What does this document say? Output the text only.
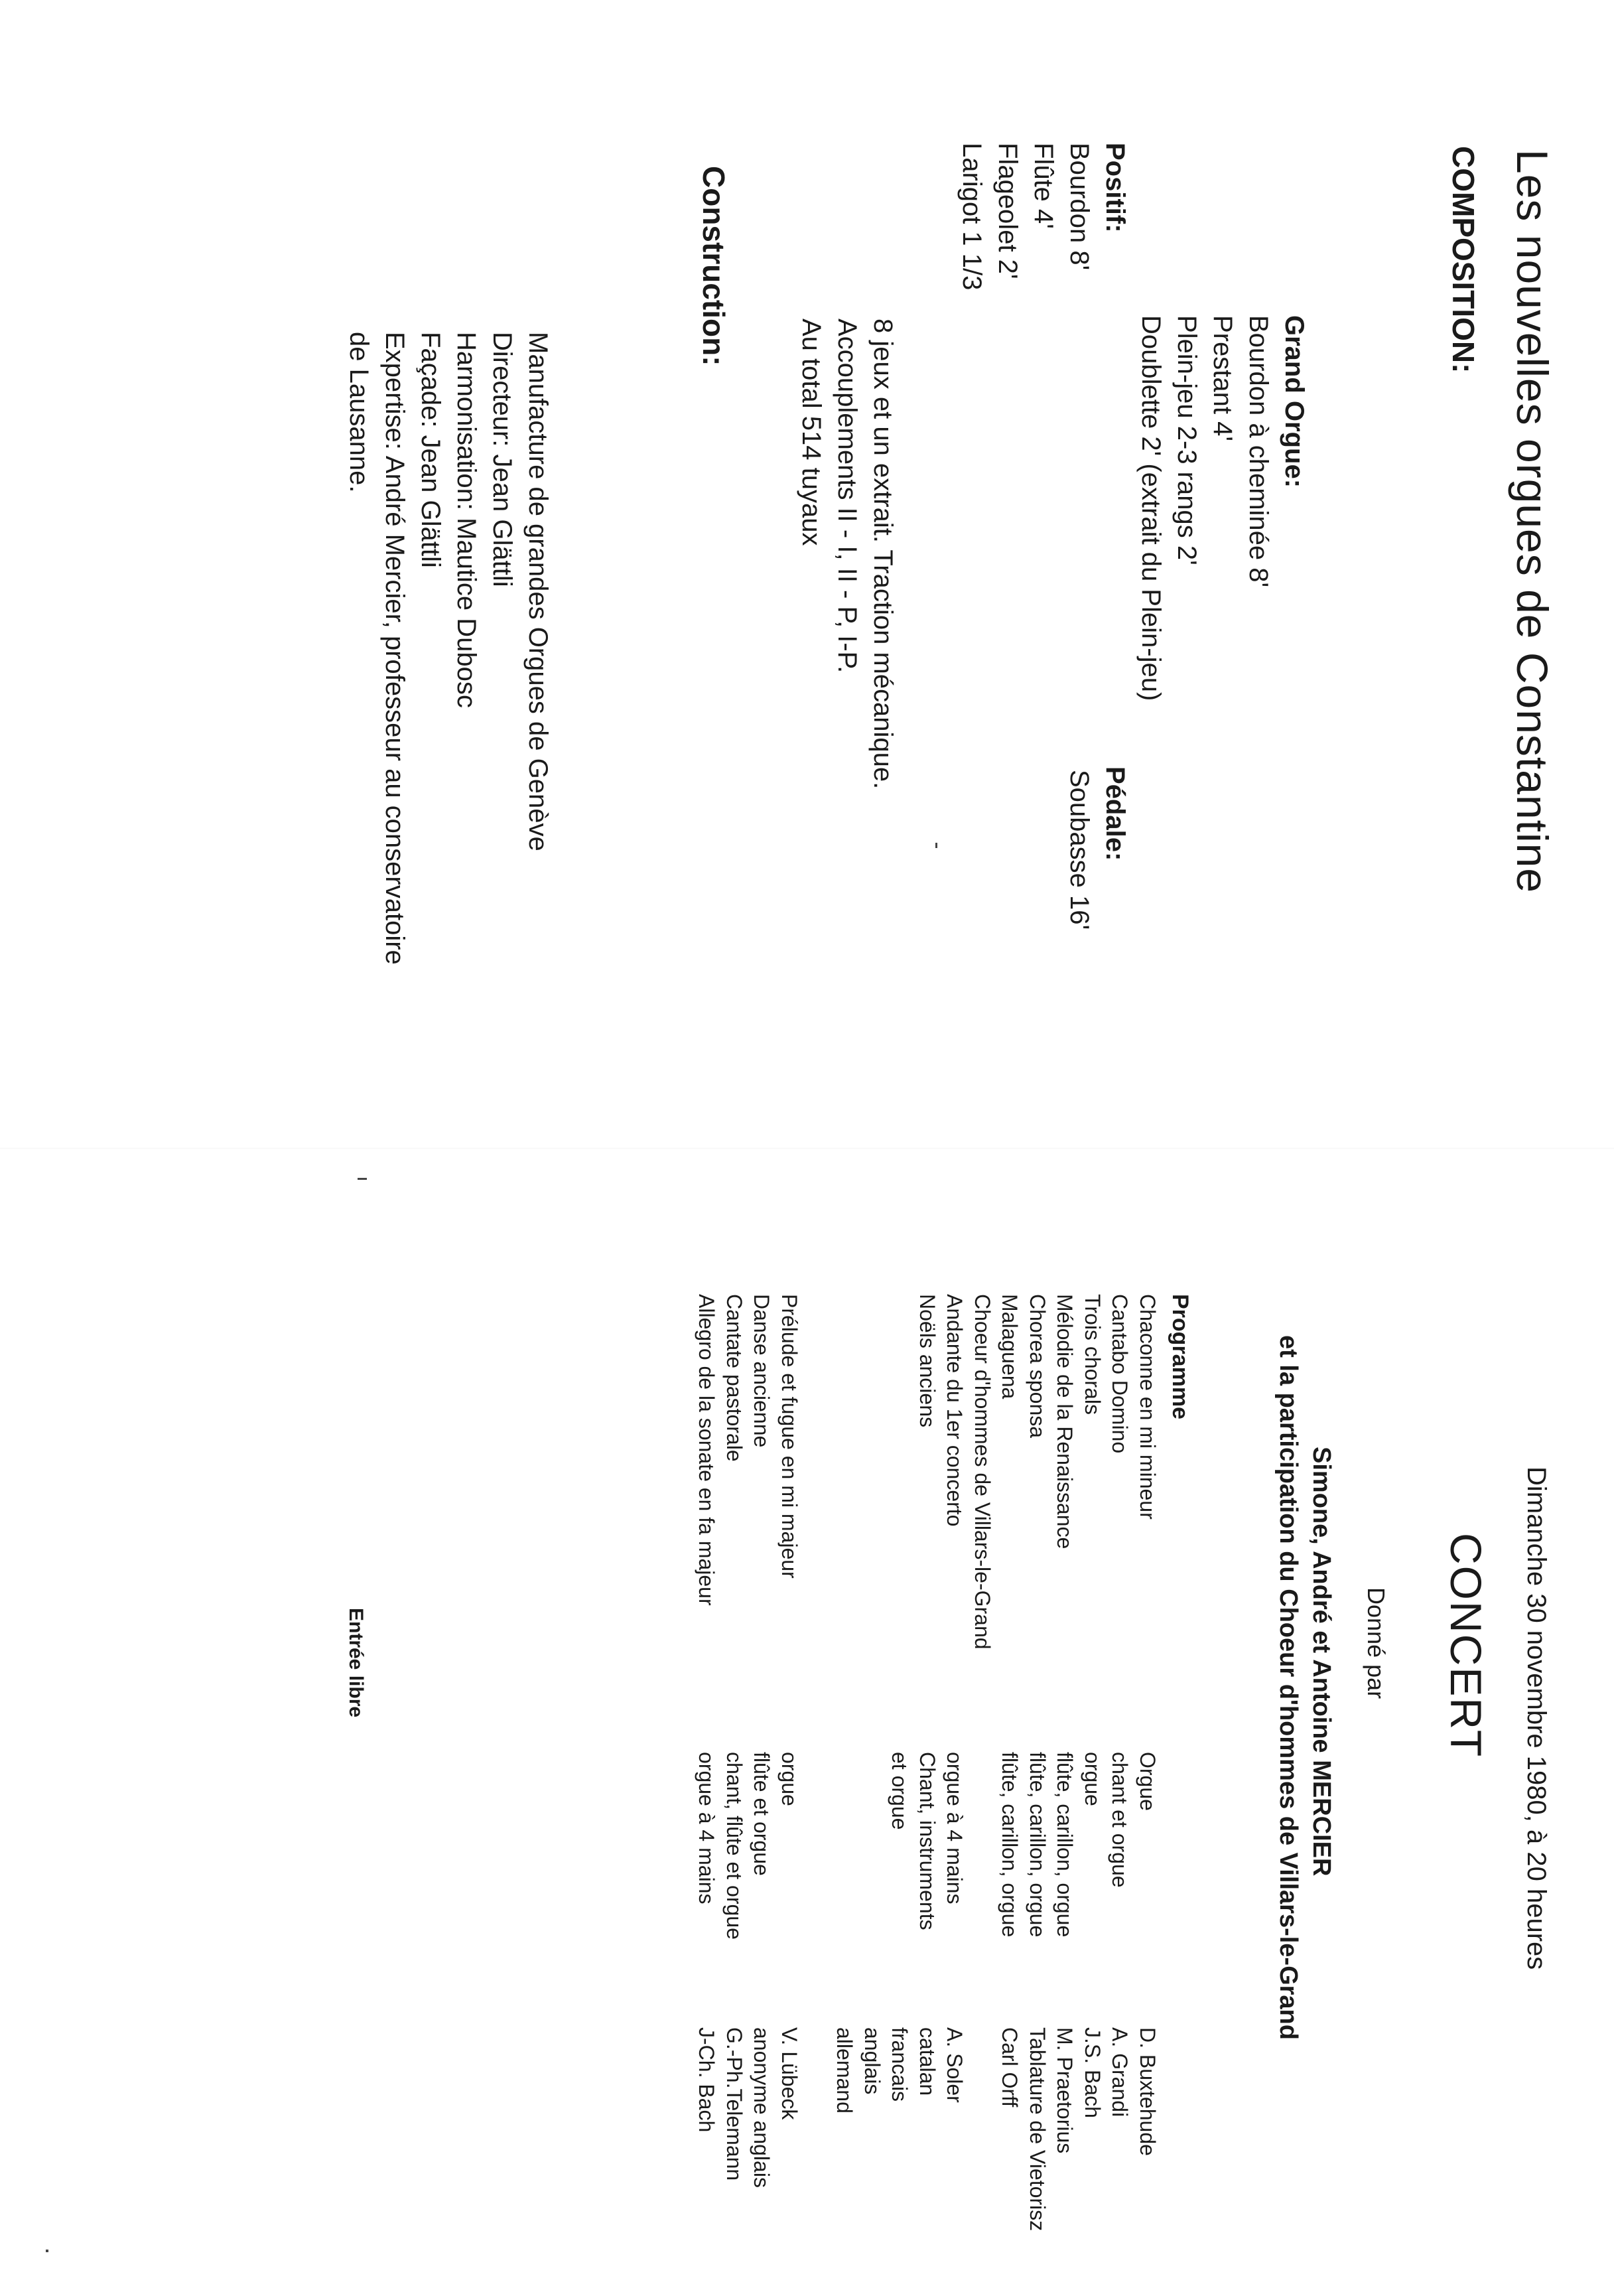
Les nouvelles orgues de Constantine
COMPOSITION:
Grand Orgue:
Bourdon à cheminée 8'
Prestant 4'
Plein-jeu 2-3 rangs 2'
Doublette 2' (extrait du Plein-jeu)
Positif:
Bourdon 8'
Flûte 4'
Flageolet 2'
Larigot 1 1/3
Pédale:
Soubasse 16'
8 jeux et un extrait. Traction mécanique.
Accouplements II - I, II - P, I-P.
Au total 514 tuyaux
Construction:
Manufacture de grandes Orgues de Genève
Directeur: Jean Glättli
Harmonisation: Mautice Dubosc
Façade: Jean Glättli
Expertise: André Mercier, professeur au conservatoire
de Lausanne.
Dimanche 30 novembre 1980, à 20 heures
CONCERT
Donné par
Simone, André et Antoine MERCIER
et la participation du Choeur d'hommes de Villars-le-Grand
Programme
Chaconne en mi mineur
Orgue
D. Buxtehude
Cantabo Domino
chant et orgue
A. Grandi
Trois chorals
orgue
J.S. Bach
Mélodie de la Renaissance
flûte, carillon, orgue
M. Praetorius
Chorea sponsa
flûte, carillon, orgue
Tablature de Vietorisz
Malaguena
flûte, carillon, orgue
Carl Orff
Choeur d'hommes de Villars-le-Grand
Andante du 1er concerto
orgue à 4 mains
A. Soler
Noëls anciens
Chant, instruments
catalan
et orgue
francais
anglais
allemand
Prélude et fugue en mi majeur
orgue
V. Lübeck
Danse ancienne
flûte et orgue
anonyme anglais
Cantate pastorale
chant, flûte et orgue
G.-Ph.Telemann
Allegro de la sonate en fa majeur
orgue à 4 mains
J-Ch. Bach
Entrée libre
